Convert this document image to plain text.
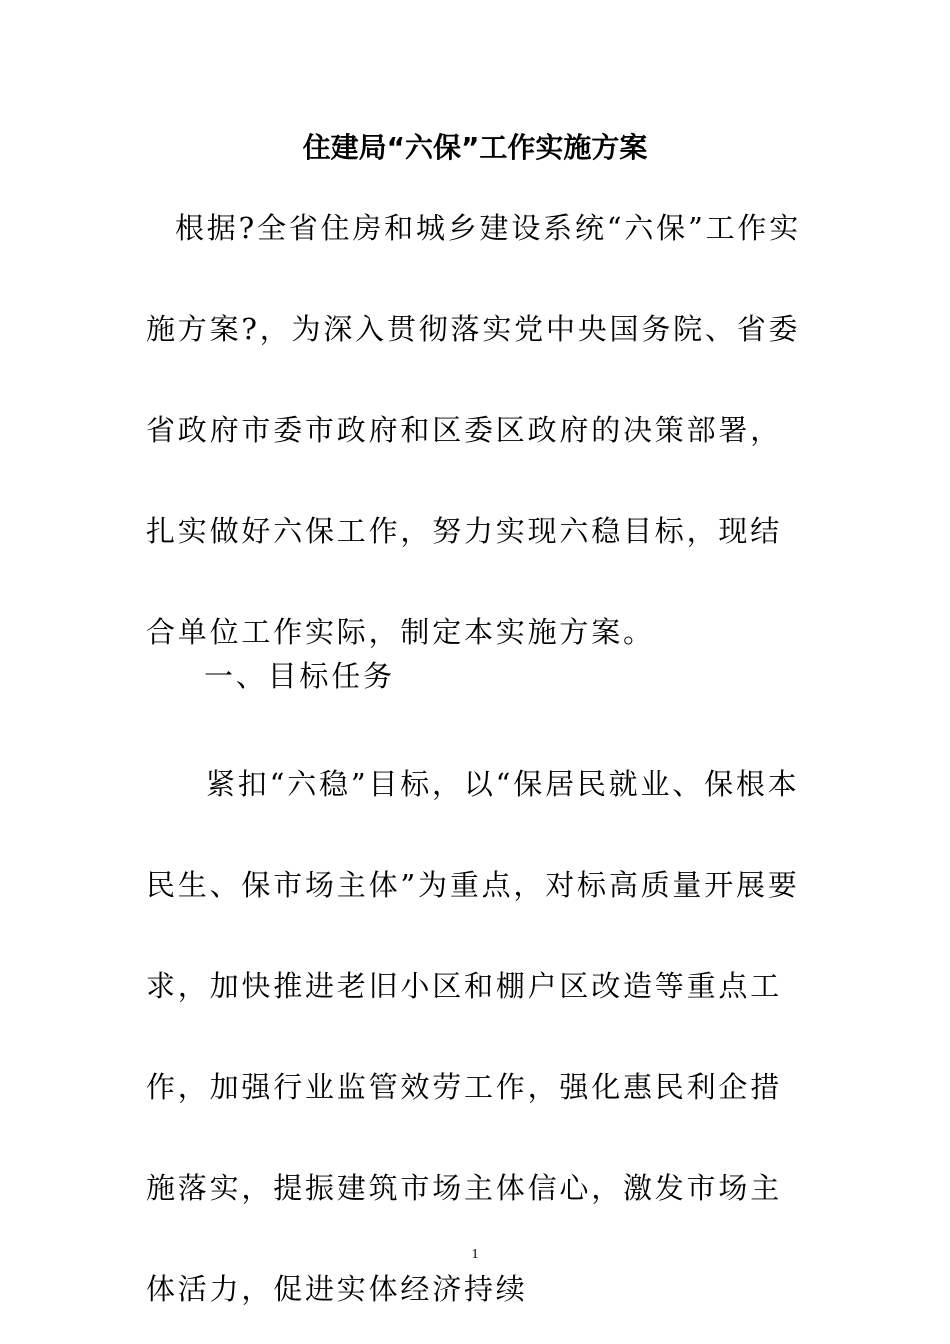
住建局“六保”工作实施方案

根据?全省住房和城乡建设系统“六保”工作实施方案?，为深入贯彻落实党中央国务院、省委省政府市委市政府和区委区政府的决策部署，扎实做好六保工作，努力实现六稳目标，现结合单位工作实际，制定本实施方案。

一、目标任务

紧扣“六稳”目标，以“保居民就业、保根本民生、保市场主体”为重点，对标高质量开展要求，加快推进老旧小区和棚户区改造等重点工作，加强行业监管效劳工作，强化惠民利企措施落实，提振建筑市场主体信心，激发市场主体活力，促进实体经济持续

1
